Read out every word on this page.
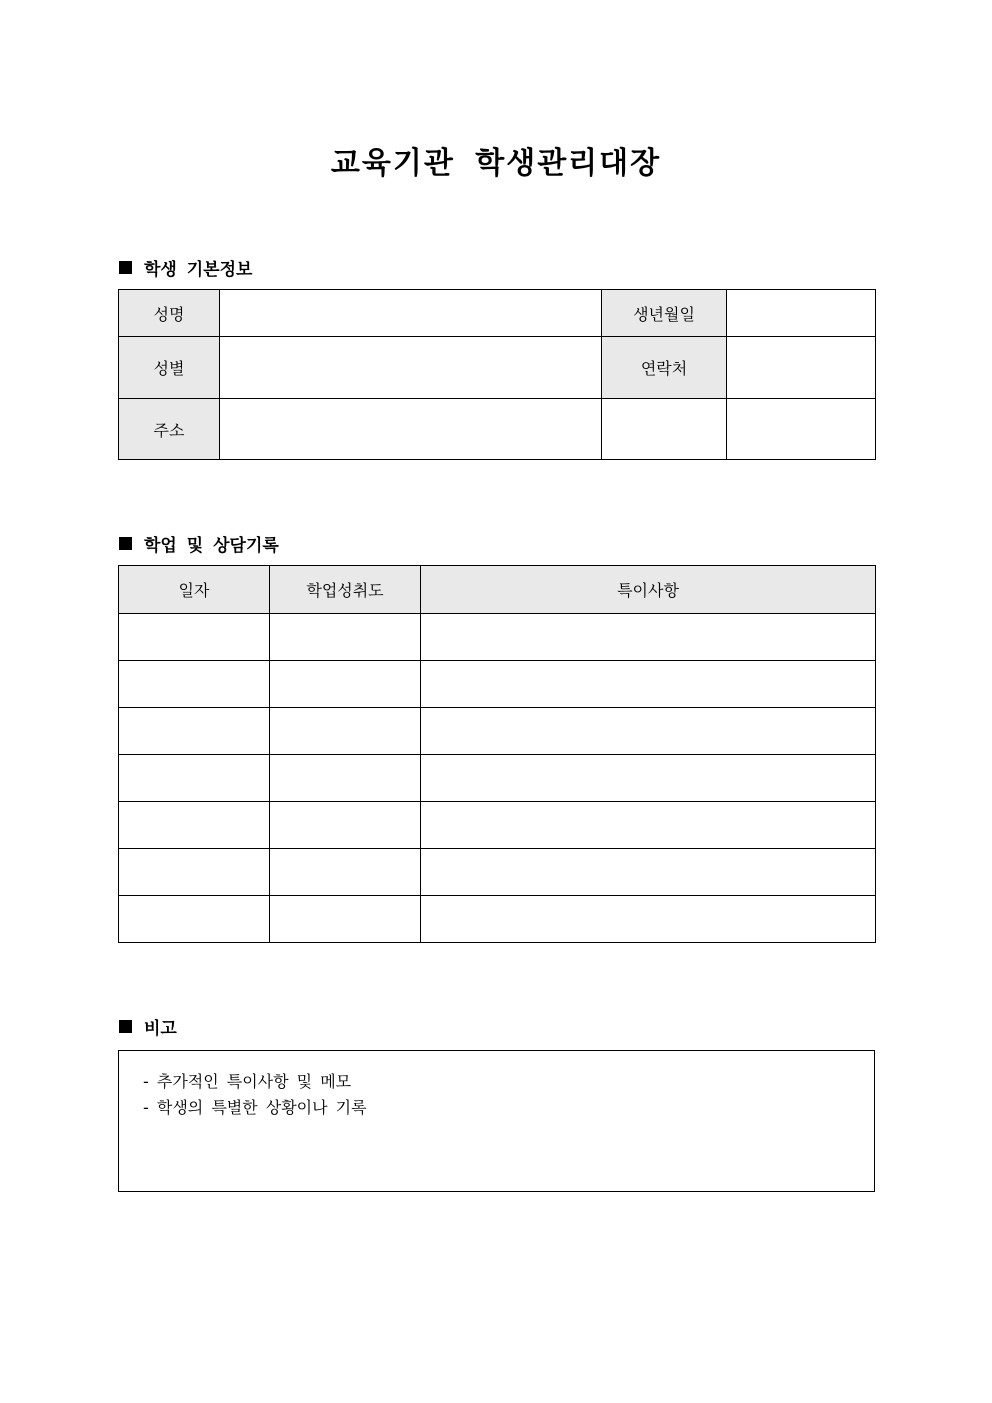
교육기관 학생관리대장
학생 기본정보
성명		생년월일	
성별		연락처	
주소			
학업 및 상담기록
일자	학업성취도	특이사항

비고
- 추가적인 특이사항 및 메모
- 학생의 특별한 상황이나 기록
